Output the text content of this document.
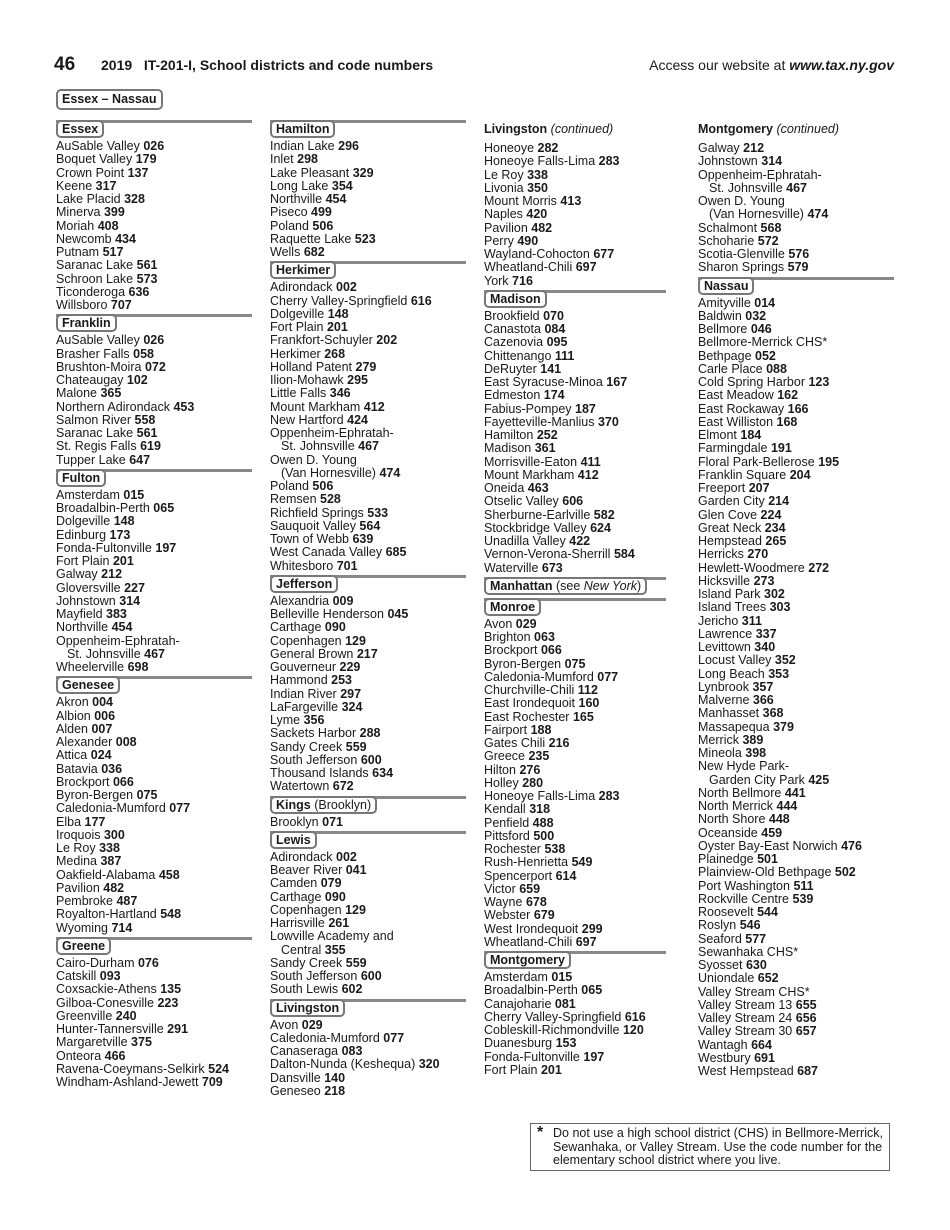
46 2019   IT-201-I, School districts and code numbers	Access our website at www.tax.ny.gov
Essex – Nassau
Essex
AuSable Valley 026
Boquet Valley 179
Crown Point 137
Keene 317
Lake Placid 328
Minerva 399
Moriah 408
Newcomb 434
Putnam 517
Saranac Lake 561
Schroon Lake 573
Ticonderoga 636
Willsboro 707
Franklin
AuSable Valley 026
Brasher Falls 058
Brushton-Moira 072
Chateaugay 102
Malone 365
Northern Adirondack 453
Salmon River 558
Saranac Lake 561
St. Regis Falls 619
Tupper Lake 647
Fulton
Amsterdam 015
Broadalbin-Perth 065
Dolgeville 148
Edinburg 173
Fonda-Fultonville 197
Fort Plain 201
Galway 212
Gloversville 227
Johnstown 314
Mayfield 383
Northville 454
Oppenheim-Ephratah-
St. Johnsville 467
Wheelerville 698
Genesee
Akron 004
Albion 006
Alden 007
Alexander 008
Attica 024
Batavia 036
Brockport 066
Byron-Bergen 075
Caledonia-Mumford 077
Elba 177
Iroquois 300
Le Roy 338
Medina 387
Oakfield-Alabama 458
Pavilion 482
Pembroke 487
Royalton-Hartland 548
Wyoming 714
Greene
Cairo-Durham 076
Catskill 093
Coxsackie-Athens 135
Gilboa-Conesville 223
Greenville 240
Hunter-Tannersville 291
Margaretville 375
Onteora 466
Ravena-Coeymans-Selkirk 524
Windham-Ashland-Jewett 709
Hamilton
Indian Lake 296
Inlet 298
Lake Pleasant 329
Long Lake 354
Northville 454
Piseco 499
Poland 506
Raquette Lake 523
Wells 682
Herkimer
Adirondack 002
Cherry Valley-Springfield 616
Dolgeville 148
Fort Plain 201
Frankfort-Schuyler 202
Herkimer 268
Holland Patent 279
Ilion-Mohawk 295
Little Falls 346
Mount Markham 412
New Hartford 424
Oppenheim-Ephratah-
St. Johnsville 467
Owen D. Young
(Van Hornesville) 474
Poland 506
Remsen 528
Richfield Springs 533
Sauquoit Valley 564
Town of Webb 639
West Canada Valley 685
Whitesboro 701
Jefferson
Alexandria 009
Belleville Henderson 045
Carthage 090
Copenhagen 129
General Brown 217
Gouverneur 229
Hammond 253
Indian River 297
LaFargeville 324
Lyme 356
Sackets Harbor 288
Sandy Creek 559
South Jefferson 600
Thousand Islands 634
Watertown 672
Kings (Brooklyn)
Brooklyn 071
Lewis
Adirondack 002
Beaver River 041
Camden 079
Carthage 090
Copenhagen 129
Harrisville 261
Lowville Academy and
Central 355
Sandy Creek 559
South Jefferson 600
South Lewis 602
Livingston
Avon 029
Caledonia-Mumford 077
Canaseraga 083
Dalton-Nunda (Keshequa) 320
Dansville 140
Geneseo 218
Livingston (continued)
Honeoye 282
Honeoye Falls-Lima 283
Le Roy 338
Livonia 350
Mount Morris 413
Naples 420
Pavilion 482
Perry 490
Wayland-Cohocton 677
Wheatland-Chili 697
York 716
Madison
Brookfield 070
Canastota 084
Cazenovia 095
Chittenango 111
DeRuyter 141
East Syracuse-Minoa 167
Edmeston 174
Fabius-Pompey 187
Fayetteville-Manlius 370
Hamilton 252
Madison 361
Morrisville-Eaton 411
Mount Markham 412
Oneida 463
Otselic Valley 606
Sherburne-Earlville 582
Stockbridge Valley 624
Unadilla Valley 422
Vernon-Verona-Sherrill 584
Waterville 673
Manhattan (see New York)
Monroe
Avon 029
Brighton 063
Brockport 066
Byron-Bergen 075
Caledonia-Mumford 077
Churchville-Chili 112
East Irondequoit 160
East Rochester 165
Fairport 188
Gates Chili 216
Greece 235
Hilton 276
Holley 280
Honeoye Falls-Lima 283
Kendall 318
Penfield 488
Pittsford 500
Rochester 538
Rush-Henrietta 549
Spencerport 614
Victor 659
Wayne 678
Webster 679
West Irondequoit 299
Wheatland-Chili 697
Montgomery
Amsterdam 015
Broadalbin-Perth 065
Canajoharie 081
Cherry Valley-Springfield 616
Cobleskill-Richmondville 120
Duanesburg 153
Fonda-Fultonville 197
Fort Plain 201
Montgomery (continued)
Galway 212
Johnstown 314
Oppenheim-Ephratah-
St. Johnsville 467
Owen D. Young
(Van Hornesville) 474
Schalmont 568
Schoharie 572
Scotia-Glenville 576
Sharon Springs 579
Nassau
Amityville 014
Baldwin 032
Bellmore 046
Bellmore-Merrick CHS*
Bethpage 052
Carle Place 088
Cold Spring Harbor 123
East Meadow 162
East Rockaway 166
East Williston 168
Elmont 184
Farmingdale 191
Floral Park-Bellerose 195
Franklin Square 204
Freeport 207
Garden City 214
Glen Cove 224
Great Neck 234
Hempstead 265
Herricks 270
Hewlett-Woodmere 272
Hicksville 273
Island Park 302
Island Trees 303
Jericho 311
Lawrence 337
Levittown 340
Locust Valley 352
Long Beach 353
Lynbrook 357
Malverne 366
Manhasset 368
Massapequa 379
Merrick 389
Mineola 398
New Hyde Park-
Garden City Park 425
North Bellmore 441
North Merrick 444
North Shore 448
Oceanside 459
Oyster Bay-East Norwich 476
Plainedge 501
Plainview-Old Bethpage 502
Port Washington 511
Rockville Centre 539
Roosevelt 544
Roslyn 546
Seaford 577
Sewanhaka CHS*
Syosset 630
Uniondale 652
Valley Stream CHS*
Valley Stream 13 655
Valley Stream 24 656
Valley Stream 30 657
Wantagh 664
Westbury 691
West Hempstead 687
* Do not use a high school district (CHS) in Bellmore-Merrick, Sewanhaka, or Valley Stream. Use the code number for the elementary school district where you live.
